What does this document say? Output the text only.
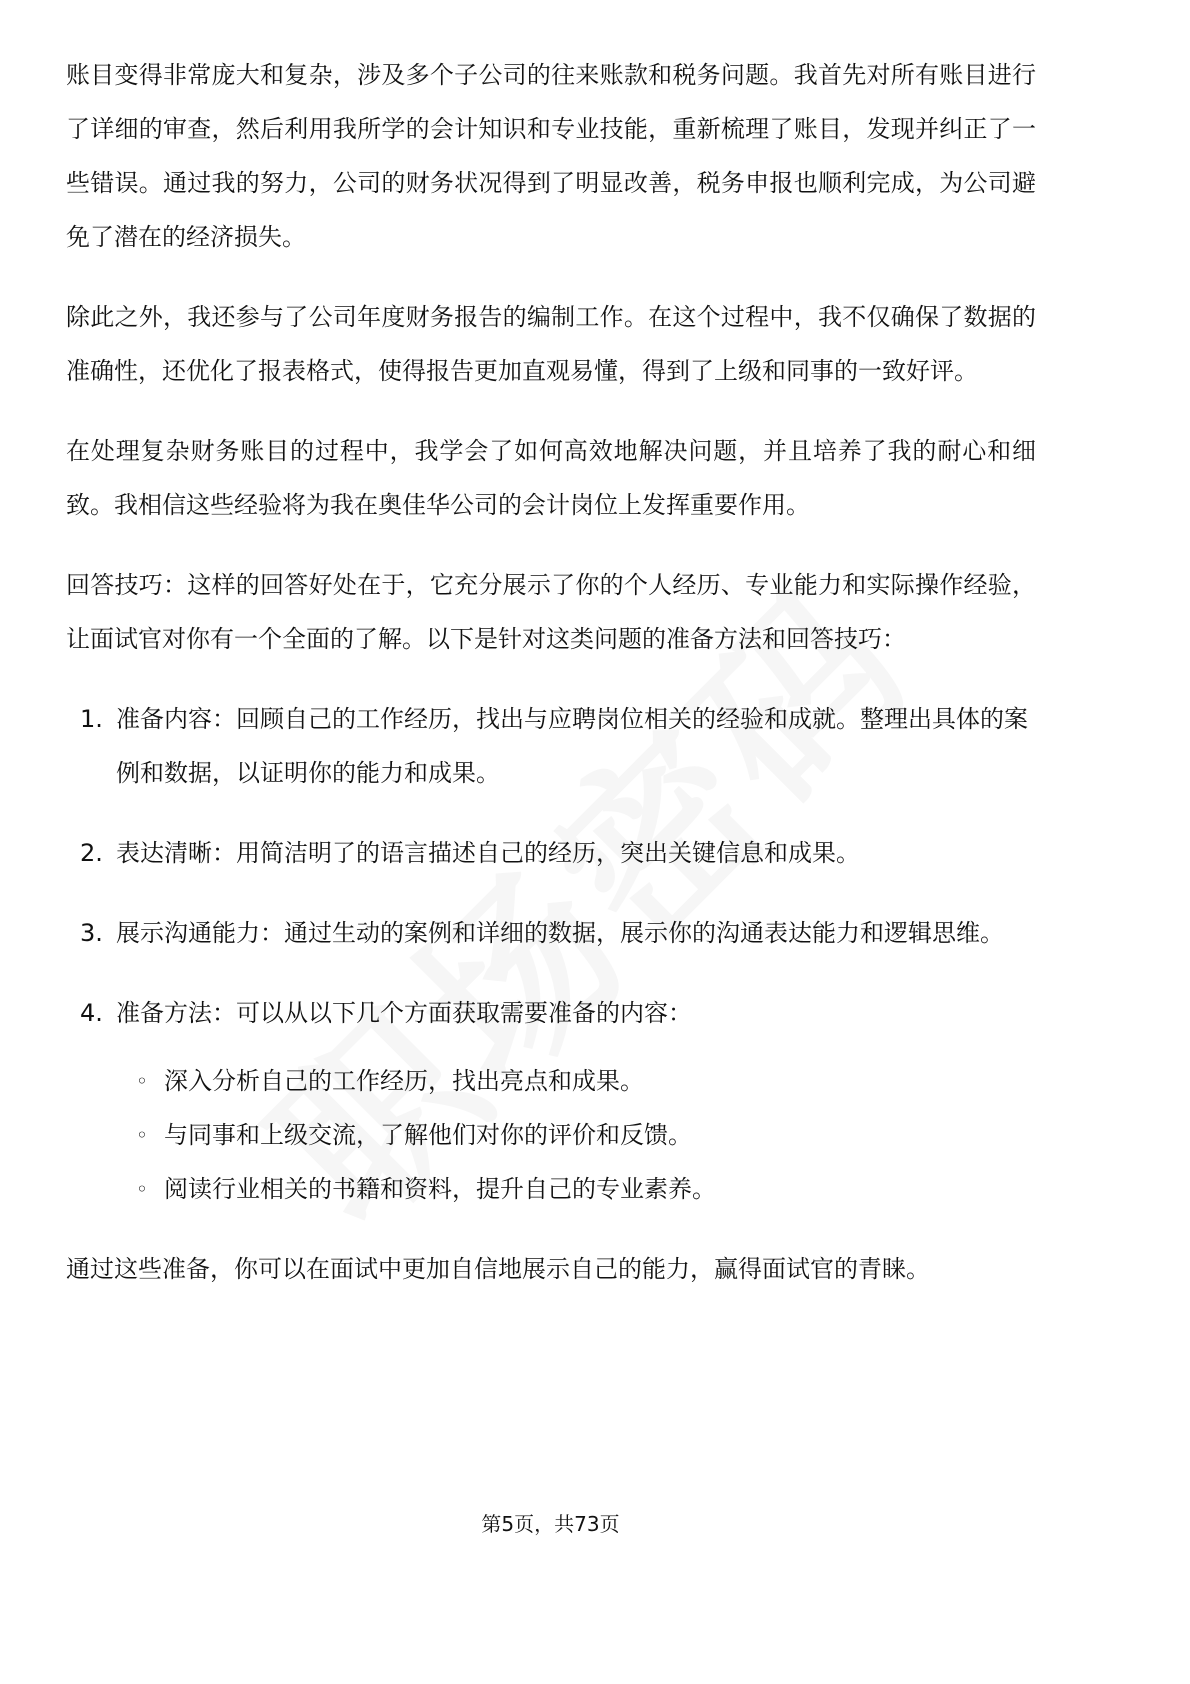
账目变得非常庞大和复杂，涉及多个子公司的往来账款和税务问题。我首先对所有账目进行了详细的审查，然后利用我所学的会计知识和专业技能，重新梳理了账目，发现并纠正了一些错误。通过我的努力，公司的财务状况得到了明显改善，税务申报也顺利完成，为公司避免了潜在的经济损失。

除此之外，我还参与了公司年度财务报告的编制工作。在这个过程中，我不仅确保了数据的准确性，还优化了报表格式，使得报告更加直观易懂，得到了上级和同事的一致好评。

在处理复杂财务账目的过程中，我学会了如何高效地解决问题，并且培养了我的耐心和细致。我相信这些经验将为我在奥佳华公司的会计岗位上发挥重要作用。

回答技巧：这样的回答好处在于，它充分展示了你的个人经历、专业能力和实际操作经验，让面试官对你有一个全面的了解。以下是针对这类问题的准备方法和回答技巧：

1. 准备内容：回顾自己的工作经历，找出与应聘岗位相关的经验和成就。整理出具体的案例和数据，以证明你的能力和成果。
2. 表达清晰：用简洁明了的语言描述自己的经历，突出关键信息和成果。
3. 展示沟通能力：通过生动的案例和详细的数据，展示你的沟通表达能力和逻辑思维。
4. 准备方法：可以从以下几个方面获取需要准备的内容：
◦ 深入分析自己的工作经历，找出亮点和成果。
◦ 与同事和上级交流，了解他们对你的评价和反馈。
◦ 阅读行业相关的书籍和资料，提升自己的专业素养。

通过这些准备，你可以在面试中更加自信地展示自己的能力，赢得面试官的青睐。

第5页，共73页
